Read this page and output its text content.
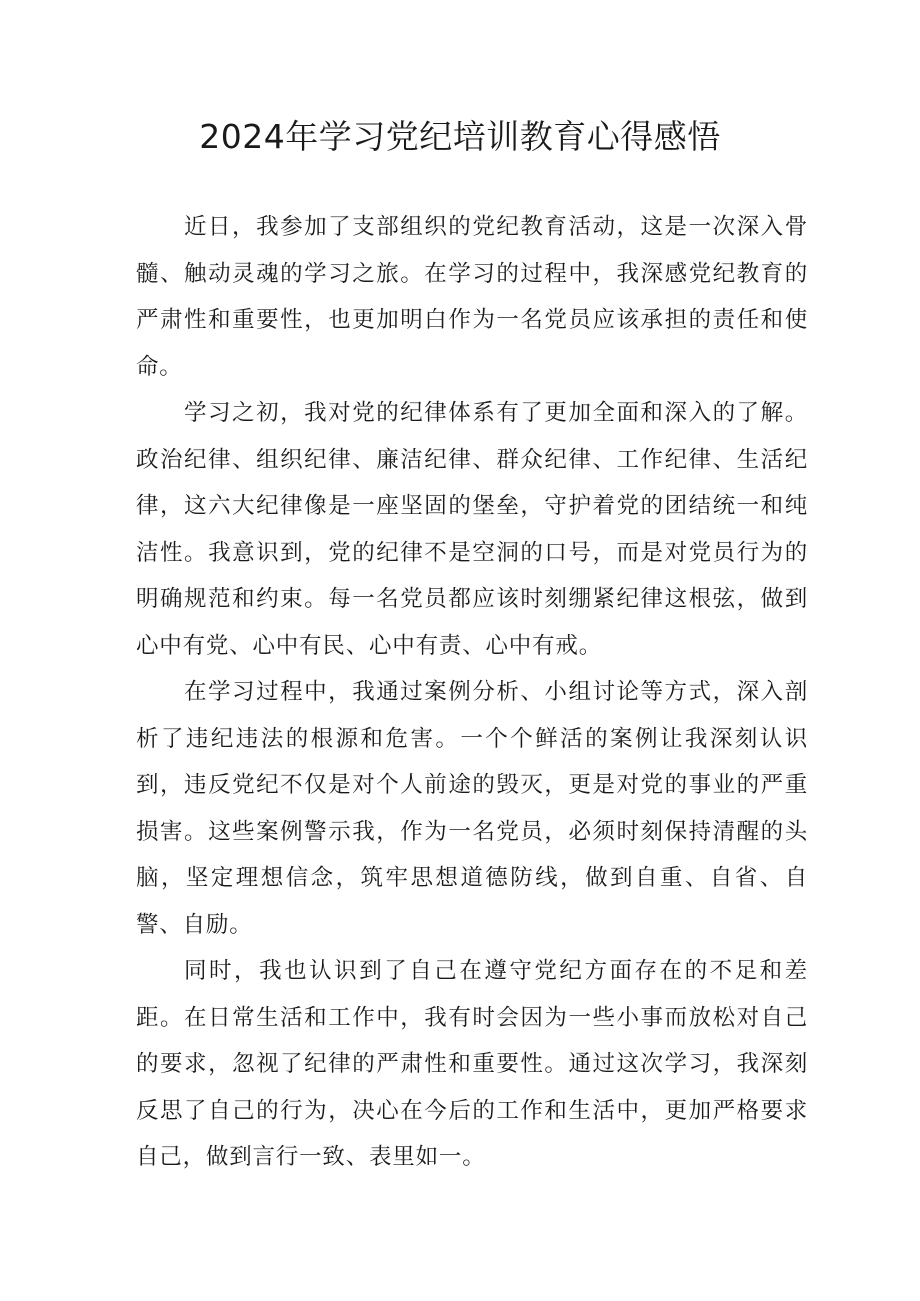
2024年学习党纪培训教育心得感悟

近日，我参加了支部组织的党纪教育活动，这是一次深入骨髓、触动灵魂的学习之旅。在学习的过程中，我深感党纪教育的严肃性和重要性，也更加明白作为一名党员应该承担的责任和使命。

学习之初，我对党的纪律体系有了更加全面和深入的了解。政治纪律、组织纪律、廉洁纪律、群众纪律、工作纪律、生活纪律，这六大纪律像是一座坚固的堡垒，守护着党的团结统一和纯洁性。我意识到，党的纪律不是空洞的口号，而是对党员行为的明确规范和约束。每一名党员都应该时刻绷紧纪律这根弦，做到心中有党、心中有民、心中有责、心中有戒。

在学习过程中，我通过案例分析、小组讨论等方式，深入剖析了违纪违法的根源和危害。一个个鲜活的案例让我深刻认识到，违反党纪不仅是对个人前途的毁灭，更是对党的事业的严重损害。这些案例警示我，作为一名党员，必须时刻保持清醒的头脑，坚定理想信念，筑牢思想道德防线，做到自重、自省、自警、自励。

同时，我也认识到了自己在遵守党纪方面存在的不足和差距。在日常生活和工作中，我有时会因为一些小事而放松对自己的要求，忽视了纪律的严肃性和重要性。通过这次学习，我深刻反思了自己的行为，决心在今后的工作和生活中，更加严格要求自己，做到言行一致、表里如一。
